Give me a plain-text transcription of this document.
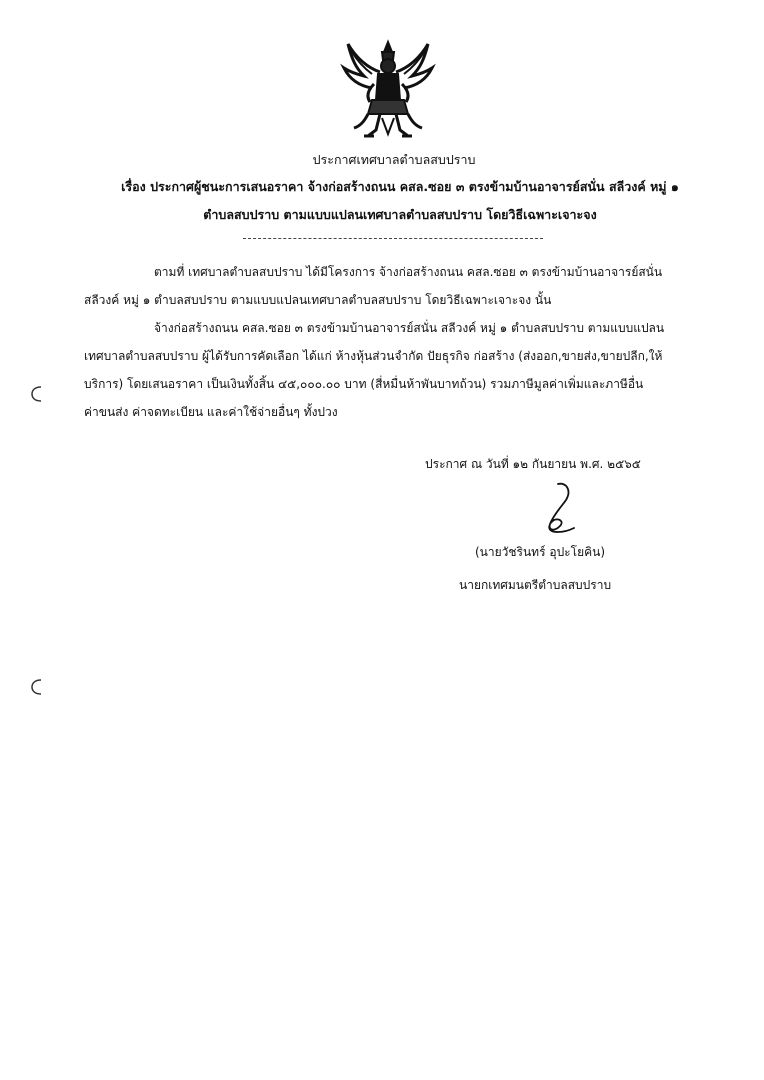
ประกาศเทศบาลตำบลสบปราบ
เรื่อง ประกาศผู้ชนะการเสนอราคา จ้างก่อสร้างถนน คสล.ซอย ๓ ตรงข้ามบ้านอาจารย์สนั่น สลีวงค์ หมู่ ๑
ตำบลสบปราบ ตามแบบแปลนเทศบาลตำบลสบปราบ โดยวิธีเฉพาะเจาะจง
ตามที่ เทศบาลตำบลสบปราบ ได้มีโครงการ จ้างก่อสร้างถนน คสล.ซอย ๓ ตรงข้ามบ้านอาจารย์สนั่น
สลีวงค์ หมู่ ๑ ตำบลสบปราบ ตามแบบแปลนเทศบาลตำบลสบปราบ โดยวิธีเฉพาะเจาะจง นั้น
จ้างก่อสร้างถนน คสล.ซอย ๓ ตรงข้ามบ้านอาจารย์สนั่น สลีวงค์ หมู่ ๑ ตำบลสบปราบ ตามแบบแปลน
เทศบาลตำบลสบปราบ ผู้ได้รับการคัดเลือก ได้แก่ ห้างหุ้นส่วนจำกัด ปัยธุรกิจ ก่อสร้าง (ส่งออก,ขายส่ง,ขายปลีก,ให้
บริการ) โดยเสนอราคา เป็นเงินทั้งสิ้น ๔๕,๐๐๐.๐๐ บาท (สี่หมื่นห้าพันบาทถ้วน) รวมภาษีมูลค่าเพิ่มและภาษีอื่น
ค่าขนส่ง ค่าจดทะเบียน และค่าใช้จ่ายอื่นๆ ทั้งปวง
ประกาศ ณ วันที่ ๑๒ กันยายน พ.ศ. ๒๕๖๕
(นายวัชรินทร์ อุปะโยคิน)
นายกเทศมนตรีตำบลสบปราบ
